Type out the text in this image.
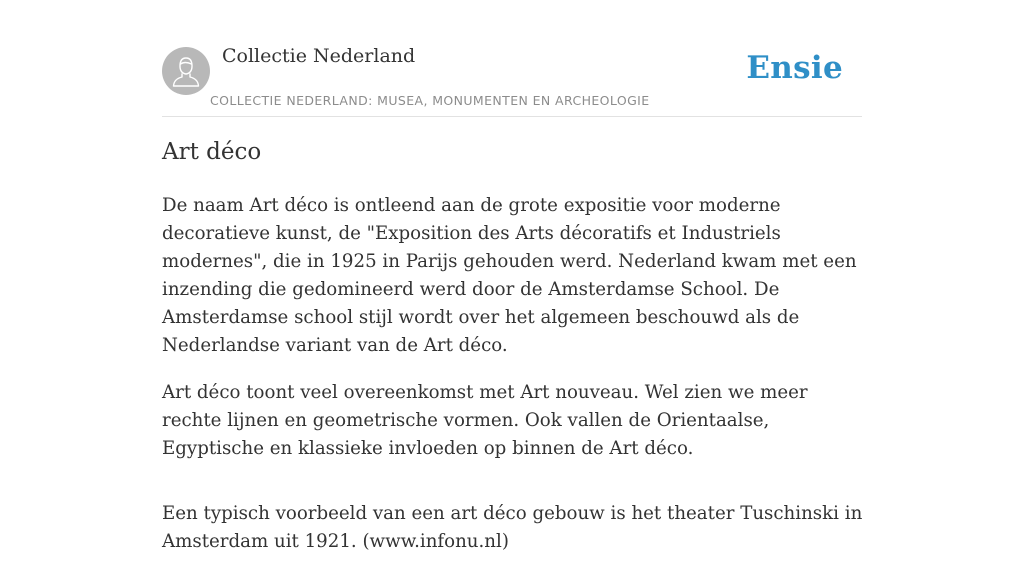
Collectie Nederland
COLLECTIE NEDERLAND: MUSEA, MONUMENTEN EN ARCHEOLOGIE
Ensie
Art déco

De naam Art déco is ontleend aan de grote expositie voor moderne decoratieve kunst, de "Exposition des Arts décoratifs et Industriels modernes", die in 1925 in Parijs gehouden werd. Nederland kwam met een inzending die gedomineerd werd door de Amsterdamse School. De Amsterdamse school stijl wordt over het algemeen beschouwd als de Nederlandse variant van de Art déco.

Art déco toont veel overeenkomst met Art nouveau. Wel zien we meer rechte lijnen en geometrische vormen. Ook vallen de Orientaalse, Egyptische en klassieke invloeden op binnen de Art déco.

Een typisch voorbeeld van een art déco gebouw is het theater Tuschinski in Amsterdam uit 1921. (www.infonu.nl)
